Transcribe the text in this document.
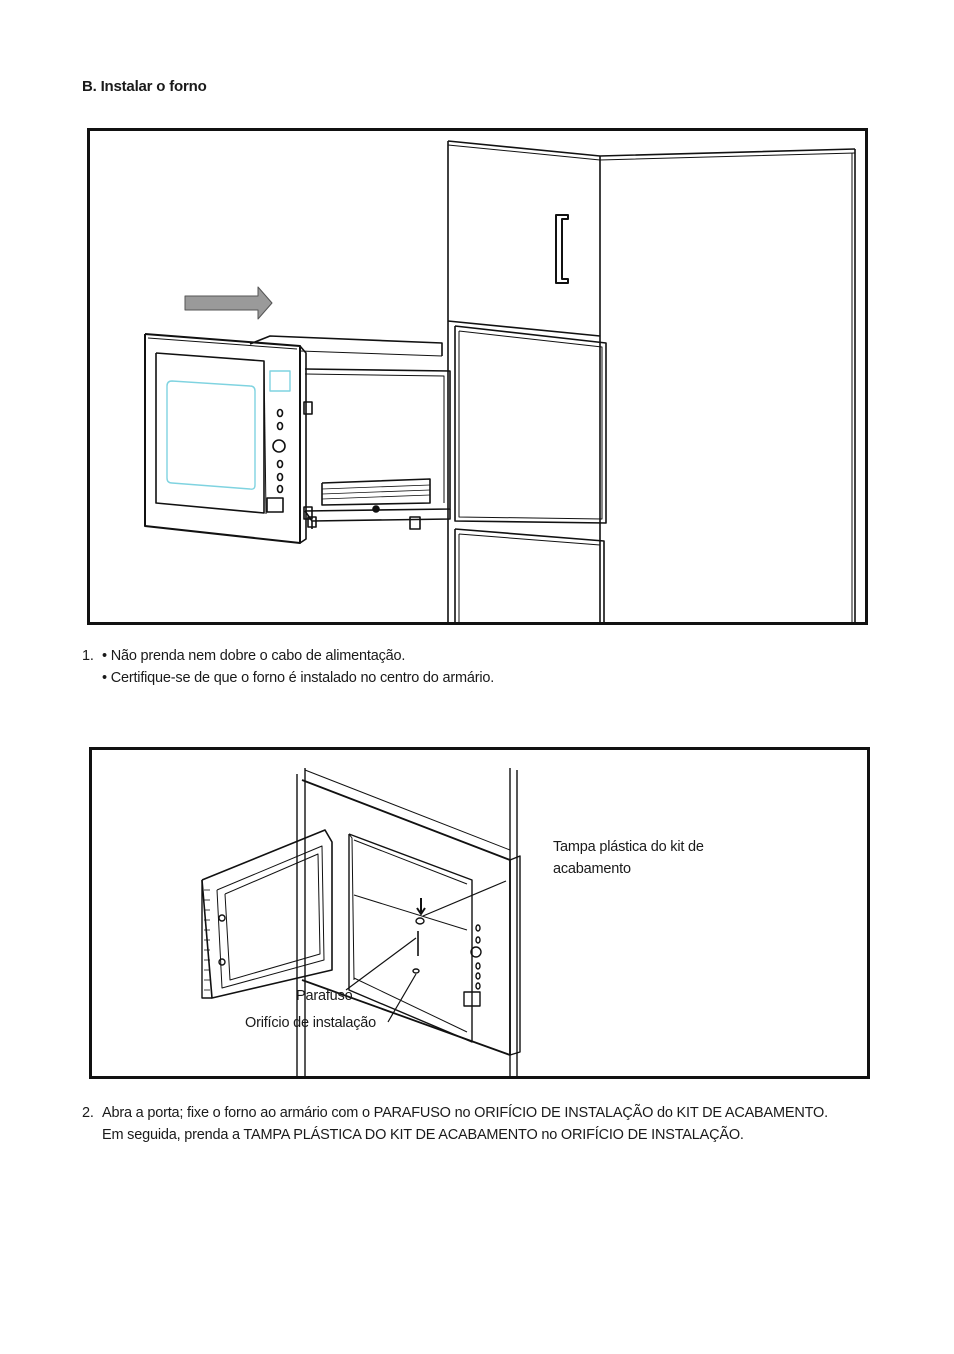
B. Instalar o forno
1. • Não prenda nem dobre o cabo de alimentação.
• Certifique-se de que o forno é instalado no centro do armário.
Tampa plástica do kit de
acabamento
Parafuso
Orifício de instalação
2. Abra a porta; fixe o forno ao armário com o PARAFUSO no ORIFÍCIO DE INSTALAÇÃO do KIT DE ACABAMENTO.
Em seguida, prenda a TAMPA PLÁSTICA DO KIT DE ACABAMENTO no ORIFÍCIO DE INSTALAÇÃO.
